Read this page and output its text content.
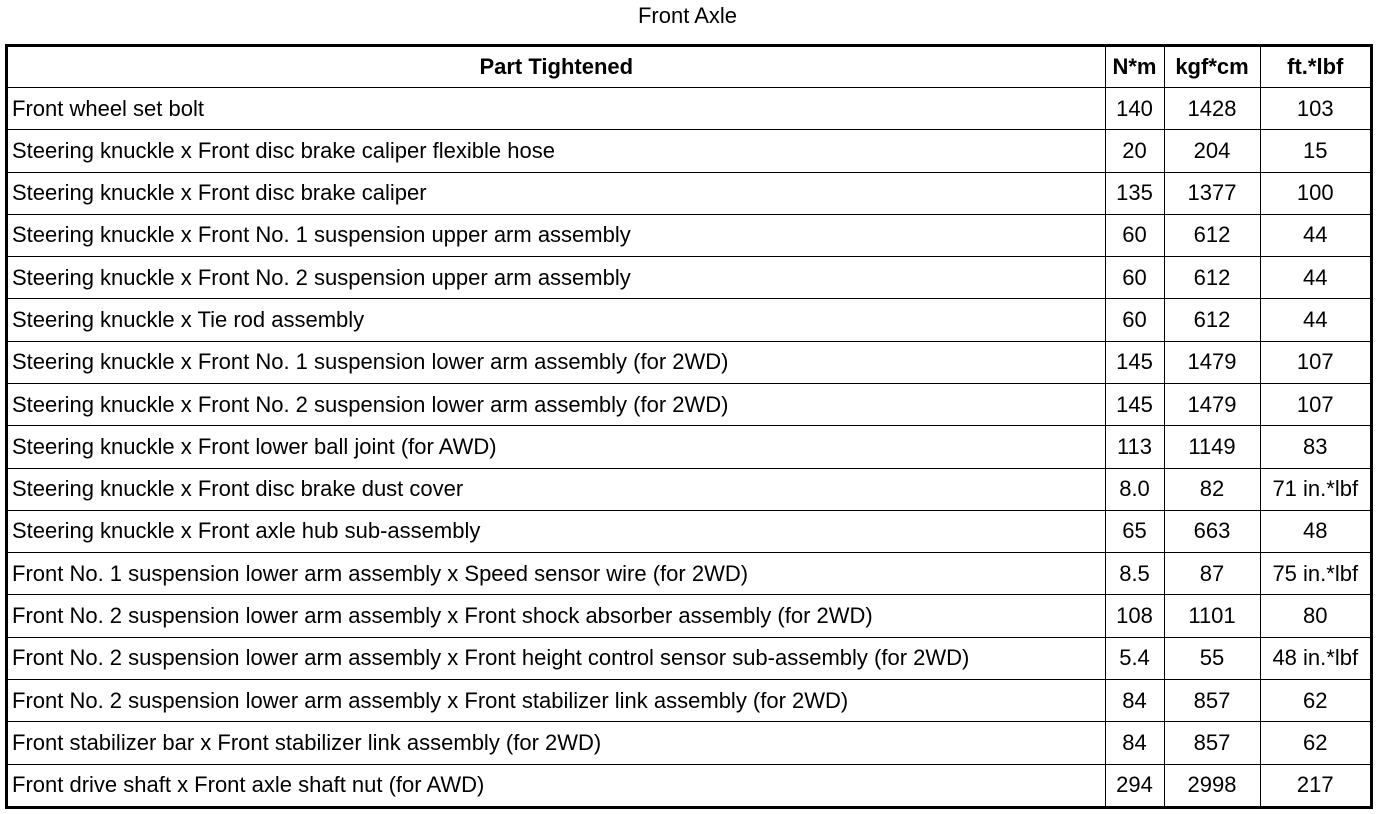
Front Axle
Part Tightened	N*m	kgf*cm	ft.*lbf
Front wheel set bolt	140	1428	103
Steering knuckle x Front disc brake caliper flexible hose	20	204	15
Steering knuckle x Front disc brake caliper	135	1377	100
Steering knuckle x Front No. 1 suspension upper arm assembly	60	612	44
Steering knuckle x Front No. 2 suspension upper arm assembly	60	612	44
Steering knuckle x Tie rod assembly	60	612	44
Steering knuckle x Front No. 1 suspension lower arm assembly (for 2WD)	145	1479	107
Steering knuckle x Front No. 2 suspension lower arm assembly (for 2WD)	145	1479	107
Steering knuckle x Front lower ball joint (for AWD)	113	1149	83
Steering knuckle x Front disc brake dust cover	8.0	82	71 in.*lbf
Steering knuckle x Front axle hub sub-assembly	65	663	48
Front No. 1 suspension lower arm assembly x Speed sensor wire (for 2WD)	8.5	87	75 in.*lbf
Front No. 2 suspension lower arm assembly x Front shock absorber assembly (for 2WD)	108	1101	80
Front No. 2 suspension lower arm assembly x Front height control sensor sub-assembly (for 2WD)	5.4	55	48 in.*lbf
Front No. 2 suspension lower arm assembly x Front stabilizer link assembly (for 2WD)	84	857	62
Front stabilizer bar x Front stabilizer link assembly (for 2WD)	84	857	62
Front drive shaft x Front axle shaft nut (for AWD)	294	2998	217
